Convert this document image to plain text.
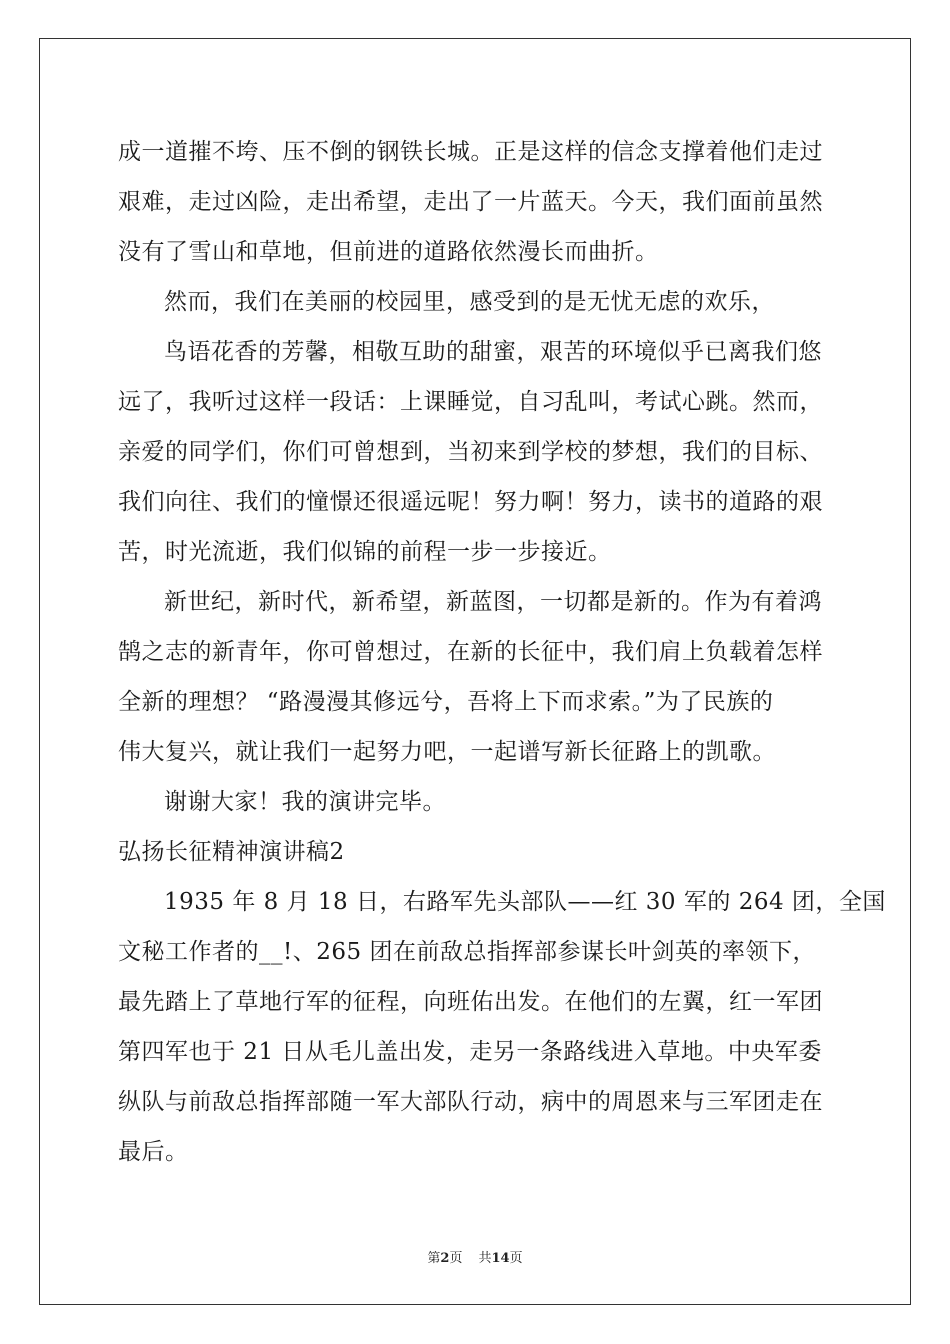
成一道摧不垮、压不倒的钢铁长城。正是这样的信念支撑着他们走过
艰难，走过凶险，走出希望，走出了一片蓝天。今天，我们面前虽然
没有了雪山和草地，但前进的道路依然漫长而曲折。
然而，我们在美丽的校园里，感受到的是无忧无虑的欢乐，
鸟语花香的芳馨，相敬互助的甜蜜，艰苦的环境似乎已离我们悠
远了，我听过这样一段话：上课睡觉，自习乱叫，考试心跳。然而，
亲爱的同学们，你们可曾想到，当初来到学校的梦想，我们的目标、
我们向往、我们的憧憬还很遥远呢！努力啊！努力，读书的道路的艰
苦，时光流逝，我们似锦的前程一步一步接近。
新世纪，新时代，新希望，新蓝图，一切都是新的。作为有着鸿
鹄之志的新青年，你可曾想过，在新的长征中，我们肩上负载着怎样
全新的理想？ “路漫漫其修远兮，吾将上下而求索。”为了民族的
伟大复兴，就让我们一起努力吧，一起谱写新长征路上的凯歌。
谢谢大家！我的演讲完毕。
弘扬长征精神演讲稿2
1935 年 8 月 18 日，右路军先头部队——红 30 军的 264 团，全国
文秘工作者的__!、265 团在前敌总指挥部参谋长叶剑英的率领下，
最先踏上了草地行军的征程，向班佑出发。在他们的左翼，红一军团
第四军也于 21 日从毛儿盖出发，走另一条路线进入草地。中央军委
纵队与前敌总指挥部随一军大部队行动，病中的周恩来与三军团走在
最后。
第2页 共14页
